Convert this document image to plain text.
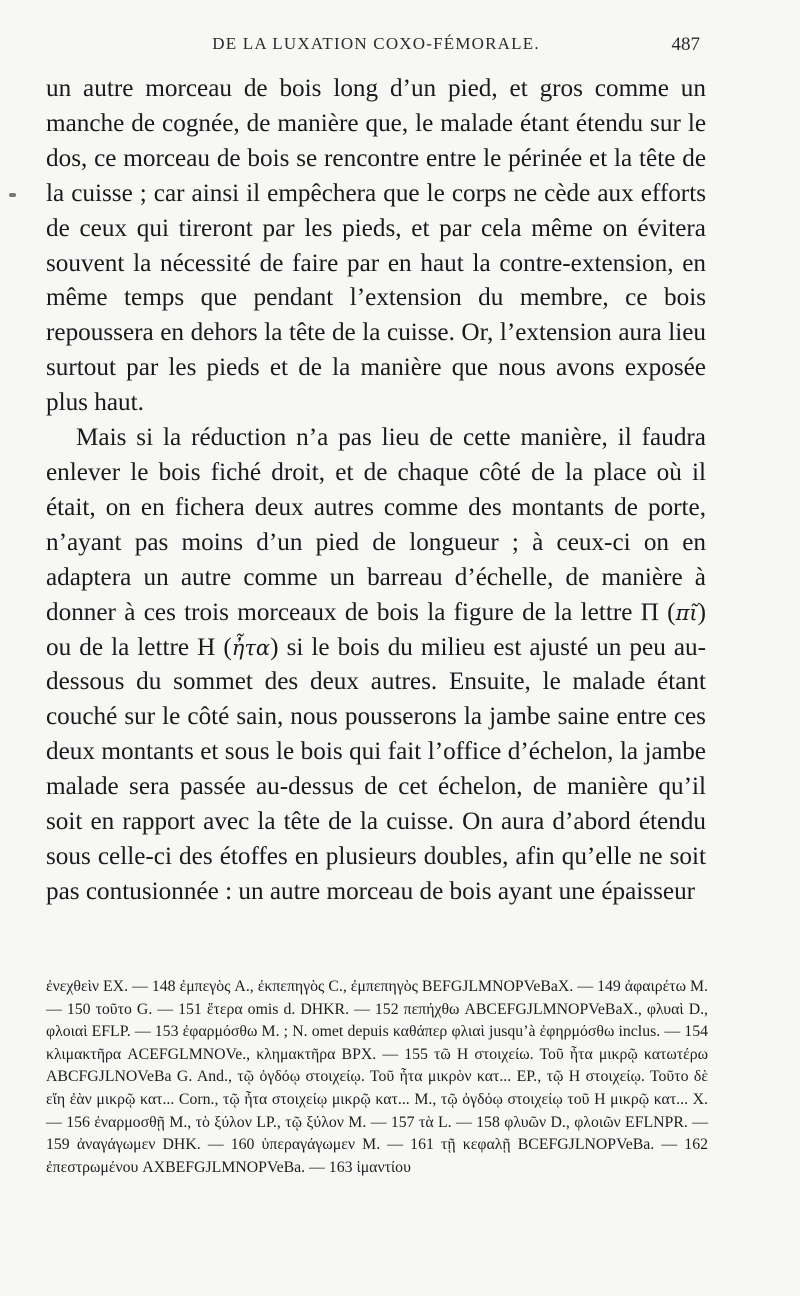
DE LA LUXATION COXO-FÉMORALE.	487

un autre morceau de bois long d’un pied, et gros comme un manche de cognée, de manière que, le malade étant étendu sur le dos, ce morceau de bois se rencontre entre le périnée et la tête de la cuisse ; car ainsi il empêchera que le corps ne cède aux efforts de ceux qui tireront par les pieds, et par cela même on évitera souvent la nécessité de faire par en haut la contre-extension, en même temps que pendant l’extension du membre, ce bois repoussera en dehors la tête de la cuisse. Or, l’extension aura lieu surtout par les pieds et de la manière que nous avons exposée plus haut.

Mais si la réduction n’a pas lieu de cette manière, il faudra enlever le bois fiché droit, et de chaque côté de la place où il était, on en fichera deux autres comme des montants de porte, n’ayant pas moins d’un pied de longueur ; à ceux-ci on en adaptera un autre comme un barreau d’échelle, de manière à donner à ces trois morceaux de bois la figure de la lettre Π (πῖ) ou de la lettre H (ἦτα) si le bois du milieu est ajusté un peu au-dessous du sommet des deux autres. Ensuite, le malade étant couché sur le côté sain, nous pousserons la jambe saine entre ces deux montants et sous le bois qui fait l’office d’échelon, la jambe malade sera passée au-dessus de cet échelon, de manière qu’il soit en rapport avec la tête de la cuisse. On aura d’abord étendu sous celle-ci des étoffes en plusieurs doubles, afin qu’elle ne soit pas contusionnée : un autre morceau de bois ayant une épaisseur

ἐνεχθεὶν EX. — 148 ἐμπεγὸς A., ἐκπεπηγὸς C., ἐμπεπηγὸς BEFGJLMNOPVeBaX. — 149 ἀφαιρέτω M. — 150 τοῦτο G. — 151 ἕτερα omis d. DHKR. — 152 πεπήχθω ABCEFGJLMNOPVeBaX., φλυαὶ D., φλοιαὶ EFLP. — 153 ἐφαρμόσθω M. ; N. omet depuis καθάπερ φλιαὶ jusqu’à ἐφηρμόσθω inclus. — 154 κλιμακτῆρα ACEFGLMNOVe., κλημακτῆρα BPX. — 155 τῶ H στοιχείω. Τοῦ ἦτα μικρῷ κατωτέρω ABCFGJLNOVeBa G. And., τῷ ὀγδόῳ στοιχείῳ. Τοῦ ἦτα μικρὸν κατ... EP., τῷ H στοιχείῳ. Τοῦτο δὲ εἴη ἐὰν μικρῷ κατ... Corn., τῷ ἦτα στοιχείῳ μικρῷ κατ... M., τῷ ὀγδόῳ στοιχείῳ τοῦ H μικρῷ κατ... X. — 156 ἐναρμοσθῇ M., τὸ ξύλον LP., τῷ ξύλον M. — 157 τὰ L. — 158 φλυῶν D., φλοιῶν EFLNPR. — 159 ἀναγάγωμεν DHK. — 160 ὑπεραγάγωμεν M. — 161 τῇ κεφαλῇ BCEFGJLNOPVeBa. — 162 ἐπεστρωμένου AXBEFGJLMNOPVeBa. — 163 ἱμαντίου
